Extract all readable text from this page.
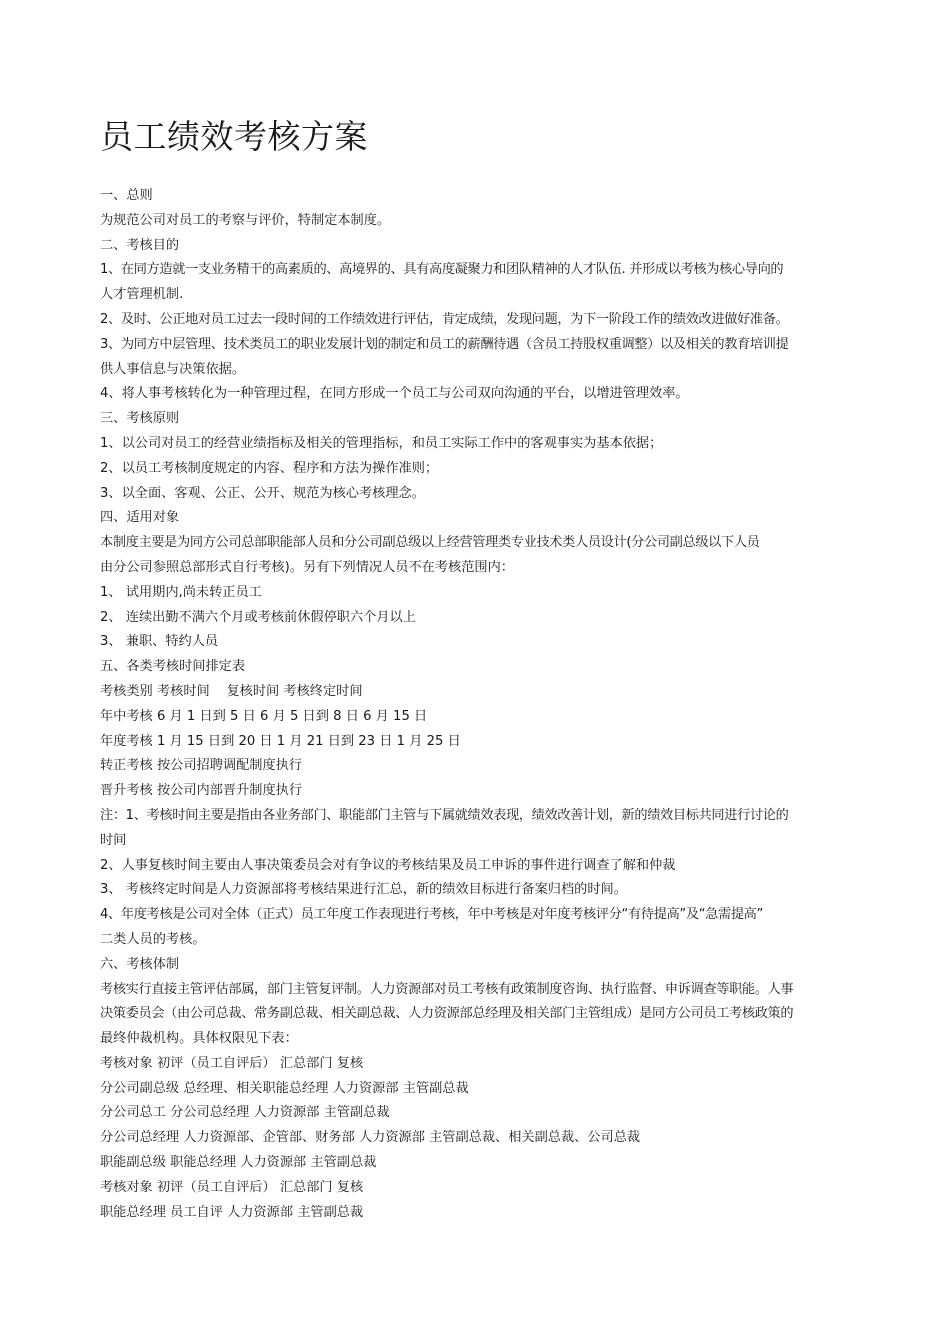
员工绩效考核方案

一、总则

为规范公司对员工的考察与评价，特制定本制度。

二、考核目的

1、在同方造就一支业务精干的高素质的、高境界的、具有高度凝聚力和团队精神的人才队伍. 并形成以考核为核心导向的

人才管理机制.

2、及时、公正地对员工过去一段时间的工作绩效进行评估，肯定成绩，发现问题，为下一阶段工作的绩效改进做好准备。

3、为同方中层管理、技术类员工的职业发展计划的制定和员工的薪酬待遇（含员工持股权重调整）以及相关的教育培训提

供人事信息与决策依据。

4、将人事考核转化为一种管理过程，在同方形成一个员工与公司双向沟通的平台，以增进管理效率。

三、考核原则

1、以公司对员工的经营业绩指标及相关的管理指标，和员工实际工作中的客观事实为基本依据；

2、以员工考核制度规定的内容、程序和方法为操作准则；

3、以全面、客观、公正、公开、规范为核心考核理念。

四、适用对象

本制度主要是为同方公司总部职能部人员和分公司副总级以上经营管理类专业技术类人员设计(分公司副总级以下人员

由分公司参照总部形式自行考核)。另有下列情况人员不在考核范围内：

1、 试用期内,尚未转正员工

2、 连续出勤不满六个月或考核前休假停职六个月以上

3、 兼职、特约人员

五、各类考核时间排定表

考核类别 考核时间    复核时间 考核终定时间

年中考核 6 月 1 日到 5 日 6 月 5 日到 8 日 6 月 15 日

年度考核 1 月 15 日到 20 日 1 月 21 日到 23 日 1 月 25 日

转正考核 按公司招聘调配制度执行

晋升考核 按公司内部晋升制度执行

注：1、考核时间主要是指由各业务部门、职能部门主管与下属就绩效表现，绩效改善计划，新的绩效目标共同进行讨论的

时间

2、人事复核时间主要由人事决策委员会对有争议的考核结果及员工申诉的事件进行调查了解和仲裁

3、 考核终定时间是人力资源部将考核结果进行汇总，新的绩效目标进行备案归档的时间。

4、年度考核是公司对全体（正式）员工年度工作表现进行考核，年中考核是对年度考核评分“有待提高”及“急需提高”

二类人员的考核。

六、考核体制

考核实行直接主管评估部属，部门主管复评制。人力资源部对员工考核有政策制度咨询、执行监督、申诉调查等职能。人事

决策委员会（由公司总裁、常务副总裁、相关副总裁、人力资源部总经理及相关部门主管组成）是同方公司员工考核政策的

最终仲裁机构。具体权限见下表：

考核对象 初评（员工自评后） 汇总部门 复核

分公司副总级 总经理、相关职能总经理 人力资源部 主管副总裁

分公司总工 分公司总经理 人力资源部 主管副总裁

分公司总经理 人力资源部、企管部、财务部 人力资源部 主管副总裁、相关副总裁、公司总裁

职能副总级 职能总经理 人力资源部 主管副总裁

考核对象 初评（员工自评后） 汇总部门 复核

职能总经理 员工自评 人力资源部 主管副总裁
